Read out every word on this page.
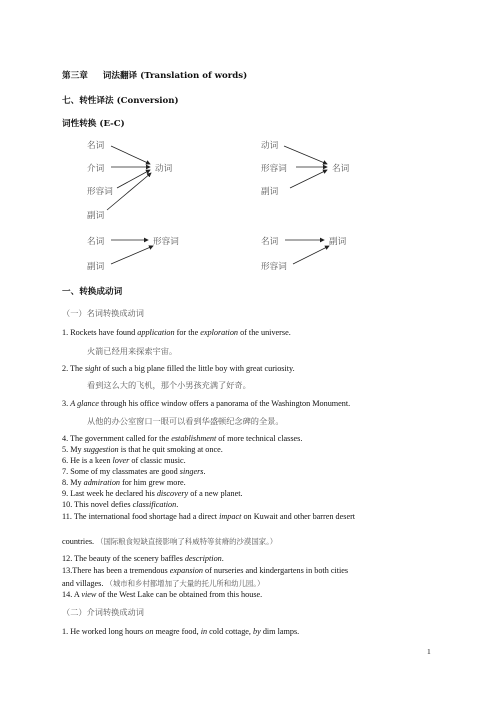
第三章 词法翻译 (Translation of words)
七、转性译法 (Conversion)
词性转换 (E-C)
名词
介词
形容词
副词
动词
动词
形容词
副词
名词
名词	形容词
副词
名词	副词
形容词
一、转换成动词
（一）名词转换成动词
1. Rockets have found application for the exploration of the universe.
火箭已经用来探索宇宙。
2. The sight of such a big plane filled the little boy with great curiosity.
看到这么大的飞机，那个小男孩充满了好奇。
3. A glance through his office window offers a panorama of the Washington Monument.
从他的办公室窗口一眼可以看到华盛顿纪念碑的全景。
4. The government called for the establishment of more technical classes.
5. My suggestion is that he quit smoking at once.
6. He is a keen lover of classic music.
7. Some of my classmates are good singers.
8. My admiration for him grew more.
9. Last week he declared his discovery of a new planet.
10. This novel defies classification.
11. The international food shortage had a direct impact on Kuwait and other barren desert
countries. （国际粮食短缺直接影响了科威特等贫瘠的沙漠国家。）
12. The beauty of the scenery baffles description.
13.There has been a tremendous expansion of nurseries and kindergartens in both cities
and villages. （城市和乡村都增加了大量的托儿所和幼儿园。）
14. A view of the West Lake can be obtained from this house.
（二）介词转换成动词
1. He worked long hours on meagre food, in cold cottage, by dim lamps.
1
